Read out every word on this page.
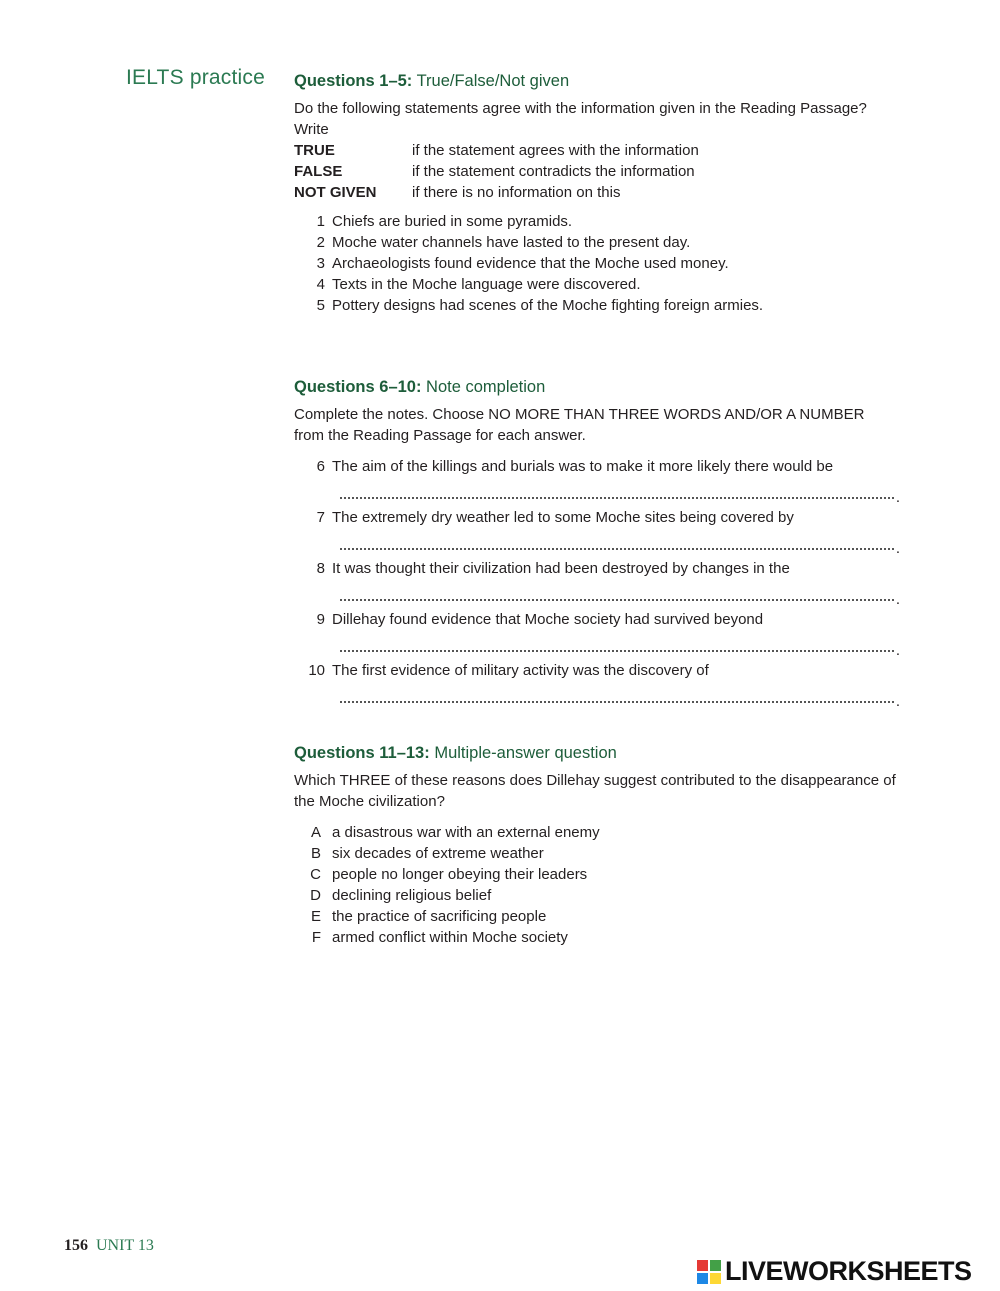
IELTS practice Questions 1–5: True/False/Not given

Do the following statements agree with the information given in the Reading Passage?

Write
TRUE	if the statement agrees with the information
FALSE	if the statement contradicts the information
NOT GIVEN	if there is no information on this
1 Chiefs are buried in some pyramids.
2 Moche water channels have lasted to the present day.
3 Archaeologists found evidence that the Moche used money.
4 Texts in the Moche language were discovered.
5 Pottery designs had scenes of the Moche fighting foreign armies.

Questions 6–10: Note completion

Complete the notes. Choose NO MORE THAN THREE WORDS AND/OR A NUMBER
from the Reading Passage for each answer.

6 The aim of the killings and burials was to make it more likely there would be
.
7 The extremely dry weather led to some Moche sites being covered by
.
8 It was thought their civilization had been destroyed by changes in the
.
9 Dillehay found evidence that Moche society had survived beyond
.
10 The first evidence of military activity was the discovery of
.

Questions 11–13: Multiple-answer question

Which THREE of these reasons does Dillehay suggest contributed to the disappearance of
the Moche civilization?

A a disastrous war with an external enemy
B six decades of extreme weather
C people no longer obeying their leaders
D declining religious belief
E the practice of sacrificing people
F armed conflict within Moche society
156 UNIT 13
LIVEWORKSHEETS
